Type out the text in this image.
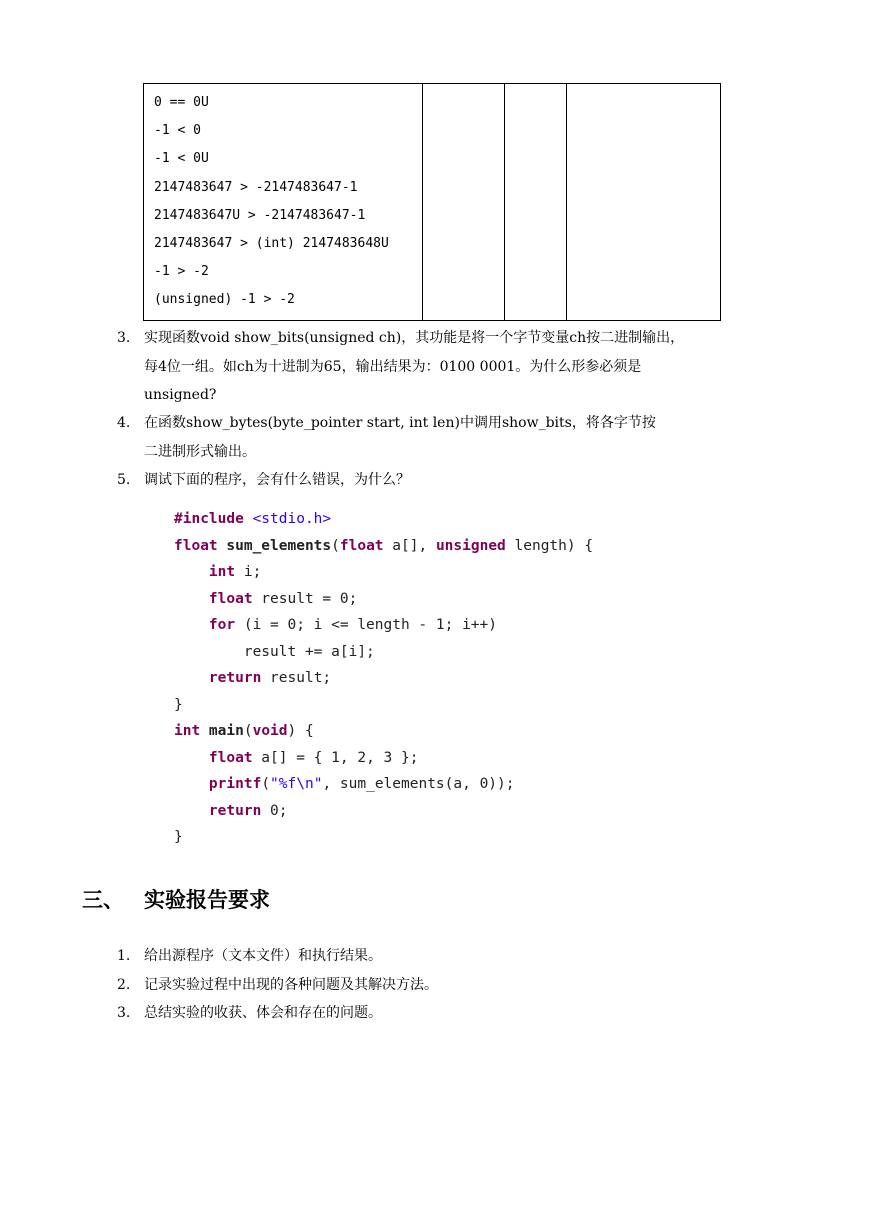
0 == 0U
-1 < 0
-1 < 0U
2147483647 > -2147483647-1
2147483647U > -2147483647-1
2147483647 > (int) 2147483648U
-1 > -2
(unsigned) -1 > -2
3. 实现函数void show_bits(unsigned ch)，其功能是将一个字节变量ch按二进制输出，
每4位一组。如ch为十进制为65，输出结果为：0100 0001。为什么形参必须是
unsigned?
4. 在函数show_bytes(byte_pointer start, int len)中调用show_bits，将各字节按
二进制形式输出。
5. 调试下面的程序，会有什么错误，为什么？
#include <stdio.h>
float sum_elements(float a[], unsigned length) {
int i;
float result = 0;
for (i = 0; i <= length - 1; i++)
result += a[i];
return result;
}
int main(void) {
float a[] = { 1, 2, 3 };
printf("%f\n", sum_elements(a, 0));
return 0;
}
三、 实验报告要求
1. 给出源程序（文本文件）和执行结果。
2. 记录实验过程中出现的各种问题及其解决方法。
3. 总结实验的收获、体会和存在的问题。
